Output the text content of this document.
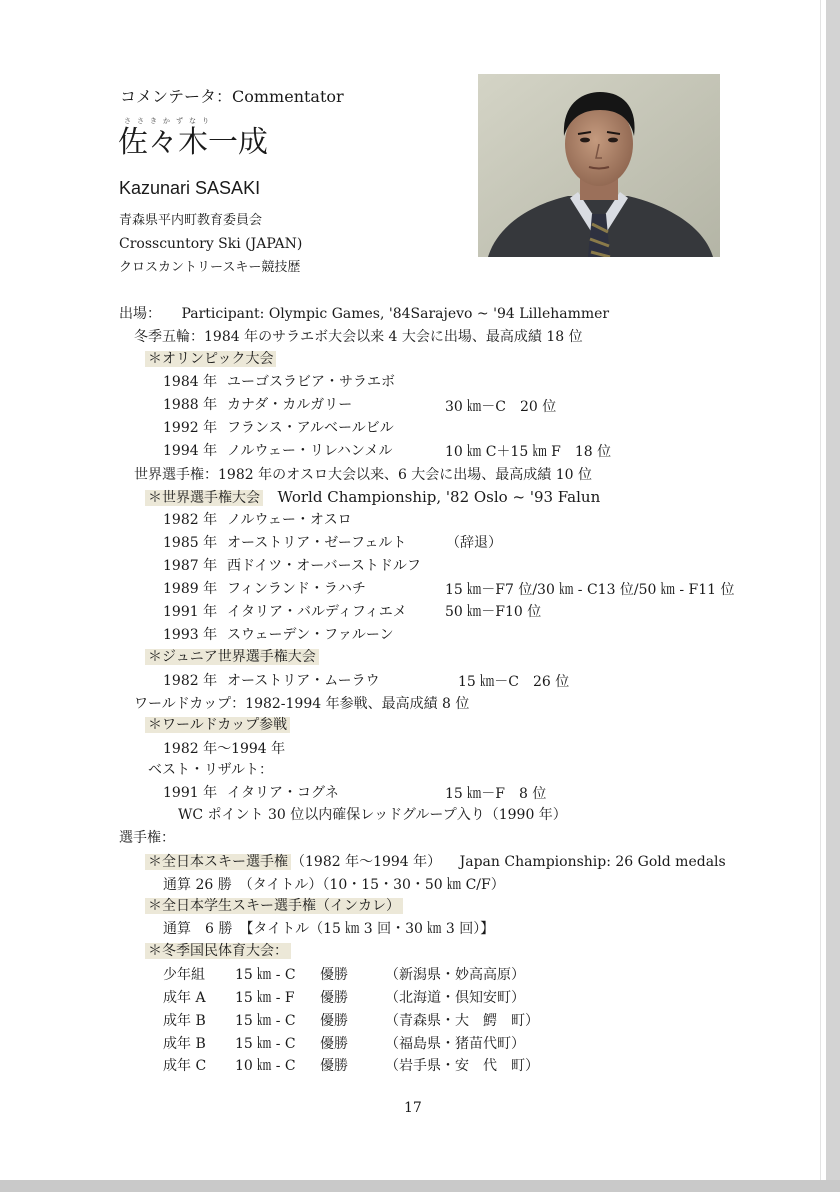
コメンテータ：Commentator
ささきかずなり
佐々木一成
Kazunari SASAKI
青森県平内町教育委員会
Crosscuntory Ski (JAPAN)
クロスカントリースキー競技歴
出場： Participant: Olympic Games, '84Sarajevo ~ '94 Lillehammer
冬季五輪：1984 年のサラエボ大会以来 4 大会に出場、最高成績 18 位
＊オリンピック大会
1984 年 ユーゴスラビア・サラエボ
1988 年 カナダ・カルガリー	30 ㎞－C　20 位
1992 年 フランス・アルベールビル
1994 年 ノルウェー・リレハンメル	10 ㎞ C＋15 ㎞ F　18 位
世界選手権：1982 年のオスロ大会以来、6 大会に出場、最高成績 10 位
＊世界選手権大会 World Championship, '82 Oslo ~ '93 Falun
1982 年 ノルウェー・オスロ
1985 年 オーストリア・ゼーフェルト	（辞退）
1987 年 西ドイツ・オーバーストドルフ
1989 年 フィンランド・ラハチ	15 ㎞－F7 位/30 ㎞ - C13 位/50 ㎞ - F11 位
1991 年 イタリア・バルディフィエメ	50 ㎞－F10 位
1993 年 スウェーデン・ファルーン
＊ジュニア世界選手権大会
1982 年 オーストリア・ムーラウ	15 ㎞－C　26 位
ワールドカップ：1982-1994 年参戦、最高成績 8 位
＊ワールドカップ参戦
1982 年～1994 年
ベスト・リザルト：
1991 年 イタリア・コグネ	15 ㎞－F　8 位
WC ポイント 30 位以内確保レッドグループ入り（1990 年）
選手権：
＊全日本スキー選手権 （1982 年～1994 年） Japan Championship: 26 Gold medals
通算 26 勝　（タイトル）（10・15・30・50 ㎞ C/F）
＊全日本学生スキー選手権（インカレ）
通算　6 勝　【タイトル（15 ㎞ 3 回・30 ㎞ 3 回）】
＊冬季国民体育大会：
少年組 15 ㎞ - C 優勝	（新潟県・妙高高原）
成年 A 15 ㎞ - F 優勝	（北海道・倶知安町）
成年 B 15 ㎞ - C 優勝	（青森県・大　鰐　町）
成年 B 15 ㎞ - C 優勝	（福島県・猪苗代町）
成年 C 10 ㎞ - C 優勝	（岩手県・安　代　町）
17
